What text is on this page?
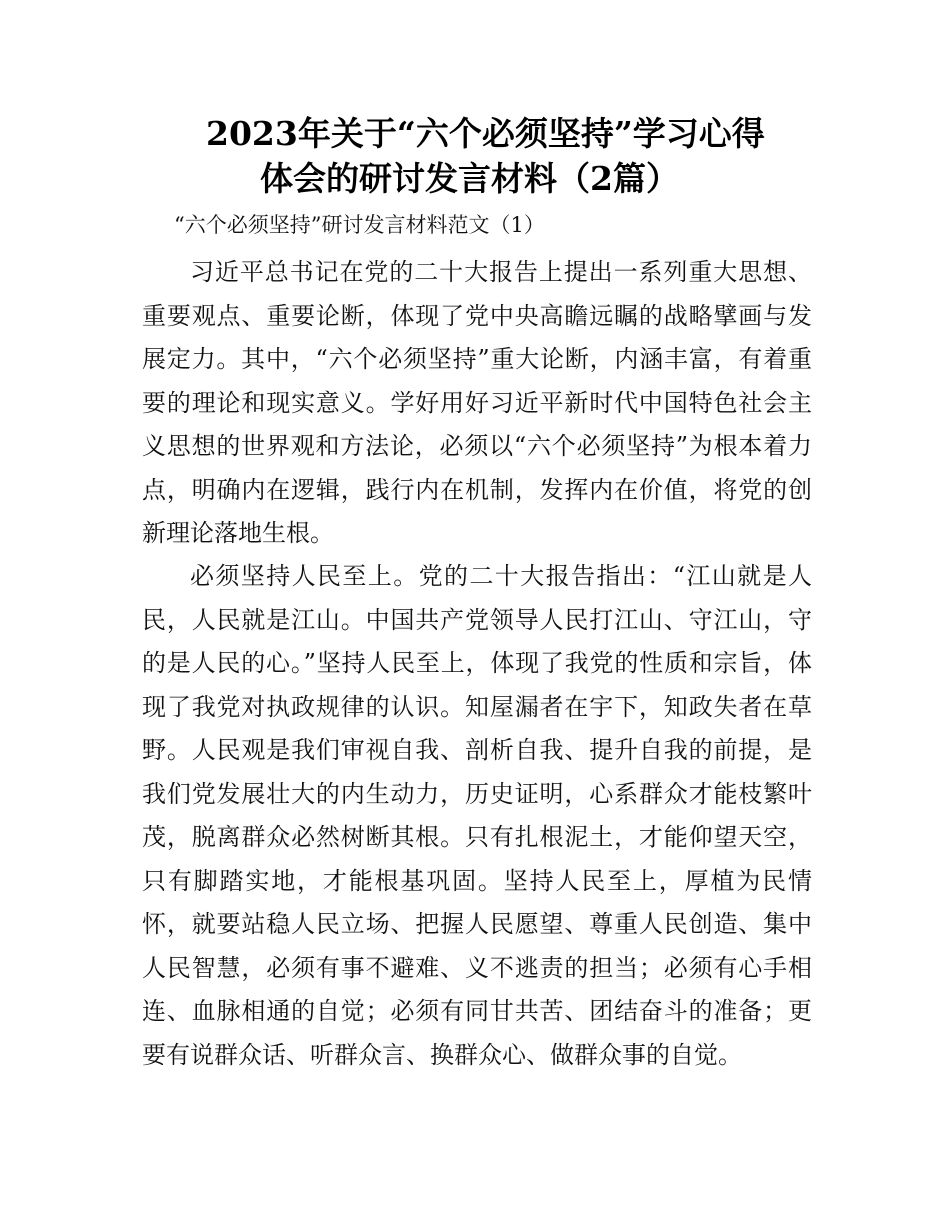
2023年关于“六个必须坚持”学习心得
体会的研讨发言材料（2篇）
“六个必须坚持”研讨发言材料范文（1）

习近平总书记在党的二十大报告上提出一系列重大思想、重要观点、重要论断，体现了党中央高瞻远瞩的战略擘画与发展定力。其中，“六个必须坚持”重大论断，内涵丰富，有着重要的理论和现实意义。学好用好习近平新时代中国特色社会主义思想的世界观和方法论，必须以“六个必须坚持”为根本着力点，明确内在逻辑，践行内在机制，发挥内在价值，将党的创新理论落地生根。

必须坚持人民至上。党的二十大报告指出：“江山就是人民，人民就是江山。中国共产党领导人民打江山、守江山，守的是人民的心。”坚持人民至上，体现了我党的性质和宗旨，体现了我党对执政规律的认识。知屋漏者在宇下，知政失者在草野。人民观是我们审视自我、剖析自我、提升自我的前提，是我们党发展壮大的内生动力，历史证明，心系群众才能枝繁叶茂，脱离群众必然树断其根。只有扎根泥土，才能仰望天空，只有脚踏实地，才能根基巩固。坚持人民至上，厚植为民情怀，就要站稳人民立场、把握人民愿望、尊重人民创造、集中人民智慧，必须有事不避难、义不逃责的担当；必须有心手相连、血脉相通的自觉；必须有同甘共苦、团结奋斗的准备；更要有说群众话、听群众言、换群众心、做群众事的自觉。
